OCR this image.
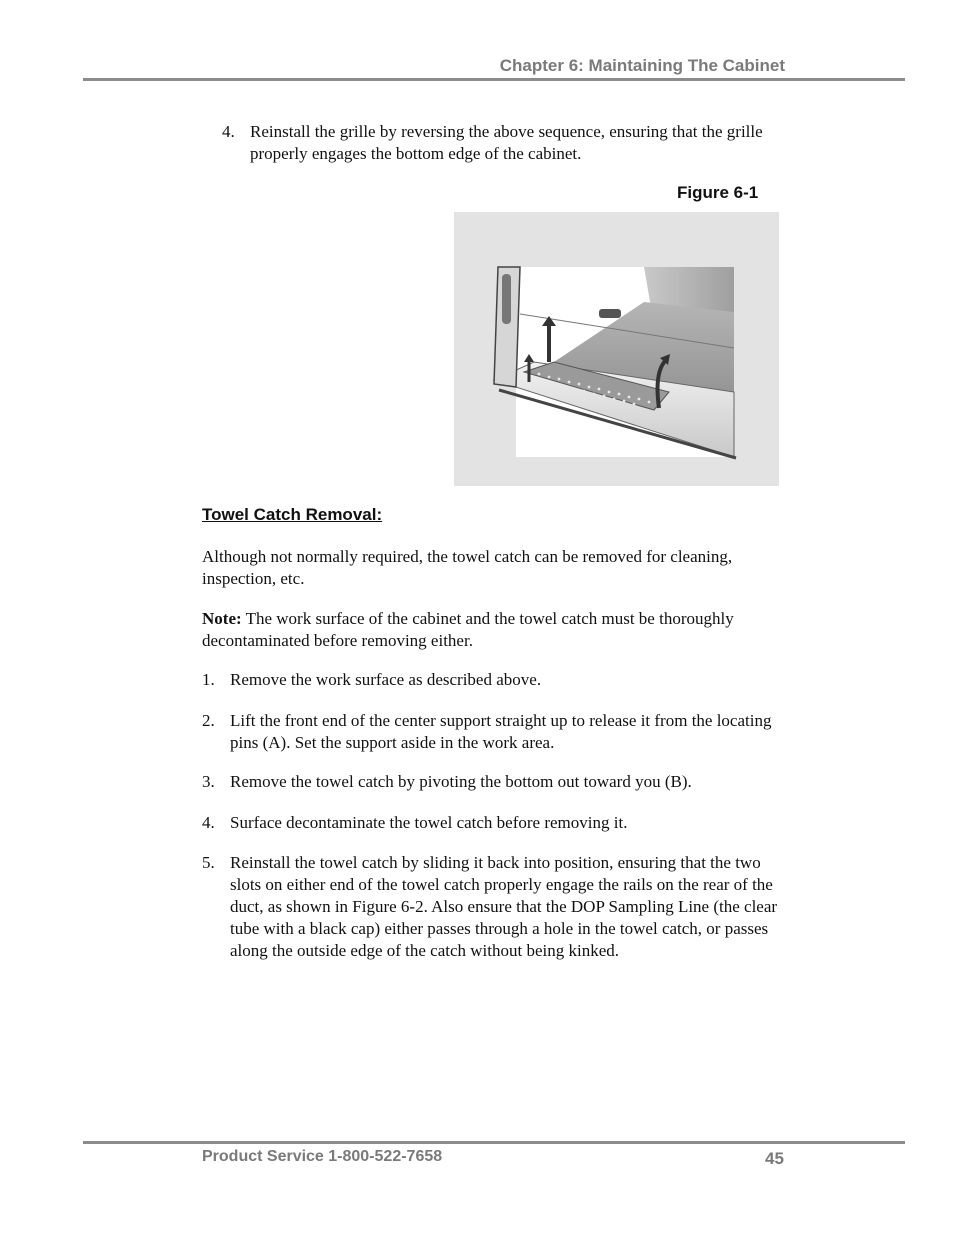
Chapter 6: Maintaining The Cabinet
4. Reinstall the grille by reversing the above sequence, ensuring that the grille properly engages the bottom edge of the cabinet.
Figure 6-1
Towel Catch Removal:
Although not normally required, the towel catch can be removed for cleaning, inspection, etc.
Note: The work surface of the cabinet and the towel catch must be thoroughly decontaminated before removing either.
1. Remove the work surface as described above.
2. Lift the front end of the center support straight up to release it from the locating pins (A). Set the support aside in the work area.
3. Remove the towel catch by pivoting the bottom out toward you (B).
4. Surface decontaminate the towel catch before removing it.
5. Reinstall the towel catch by sliding it back into position, ensuring that the two slots on either end of the towel catch properly engage the rails on the rear of the duct, as shown in Figure 6-2. Also ensure that the DOP Sampling Line (the clear tube with a black cap) either passes through a hole in the towel catch, or passes along the outside edge of the catch without being kinked.
Product Service 1-800-522-7658	45
